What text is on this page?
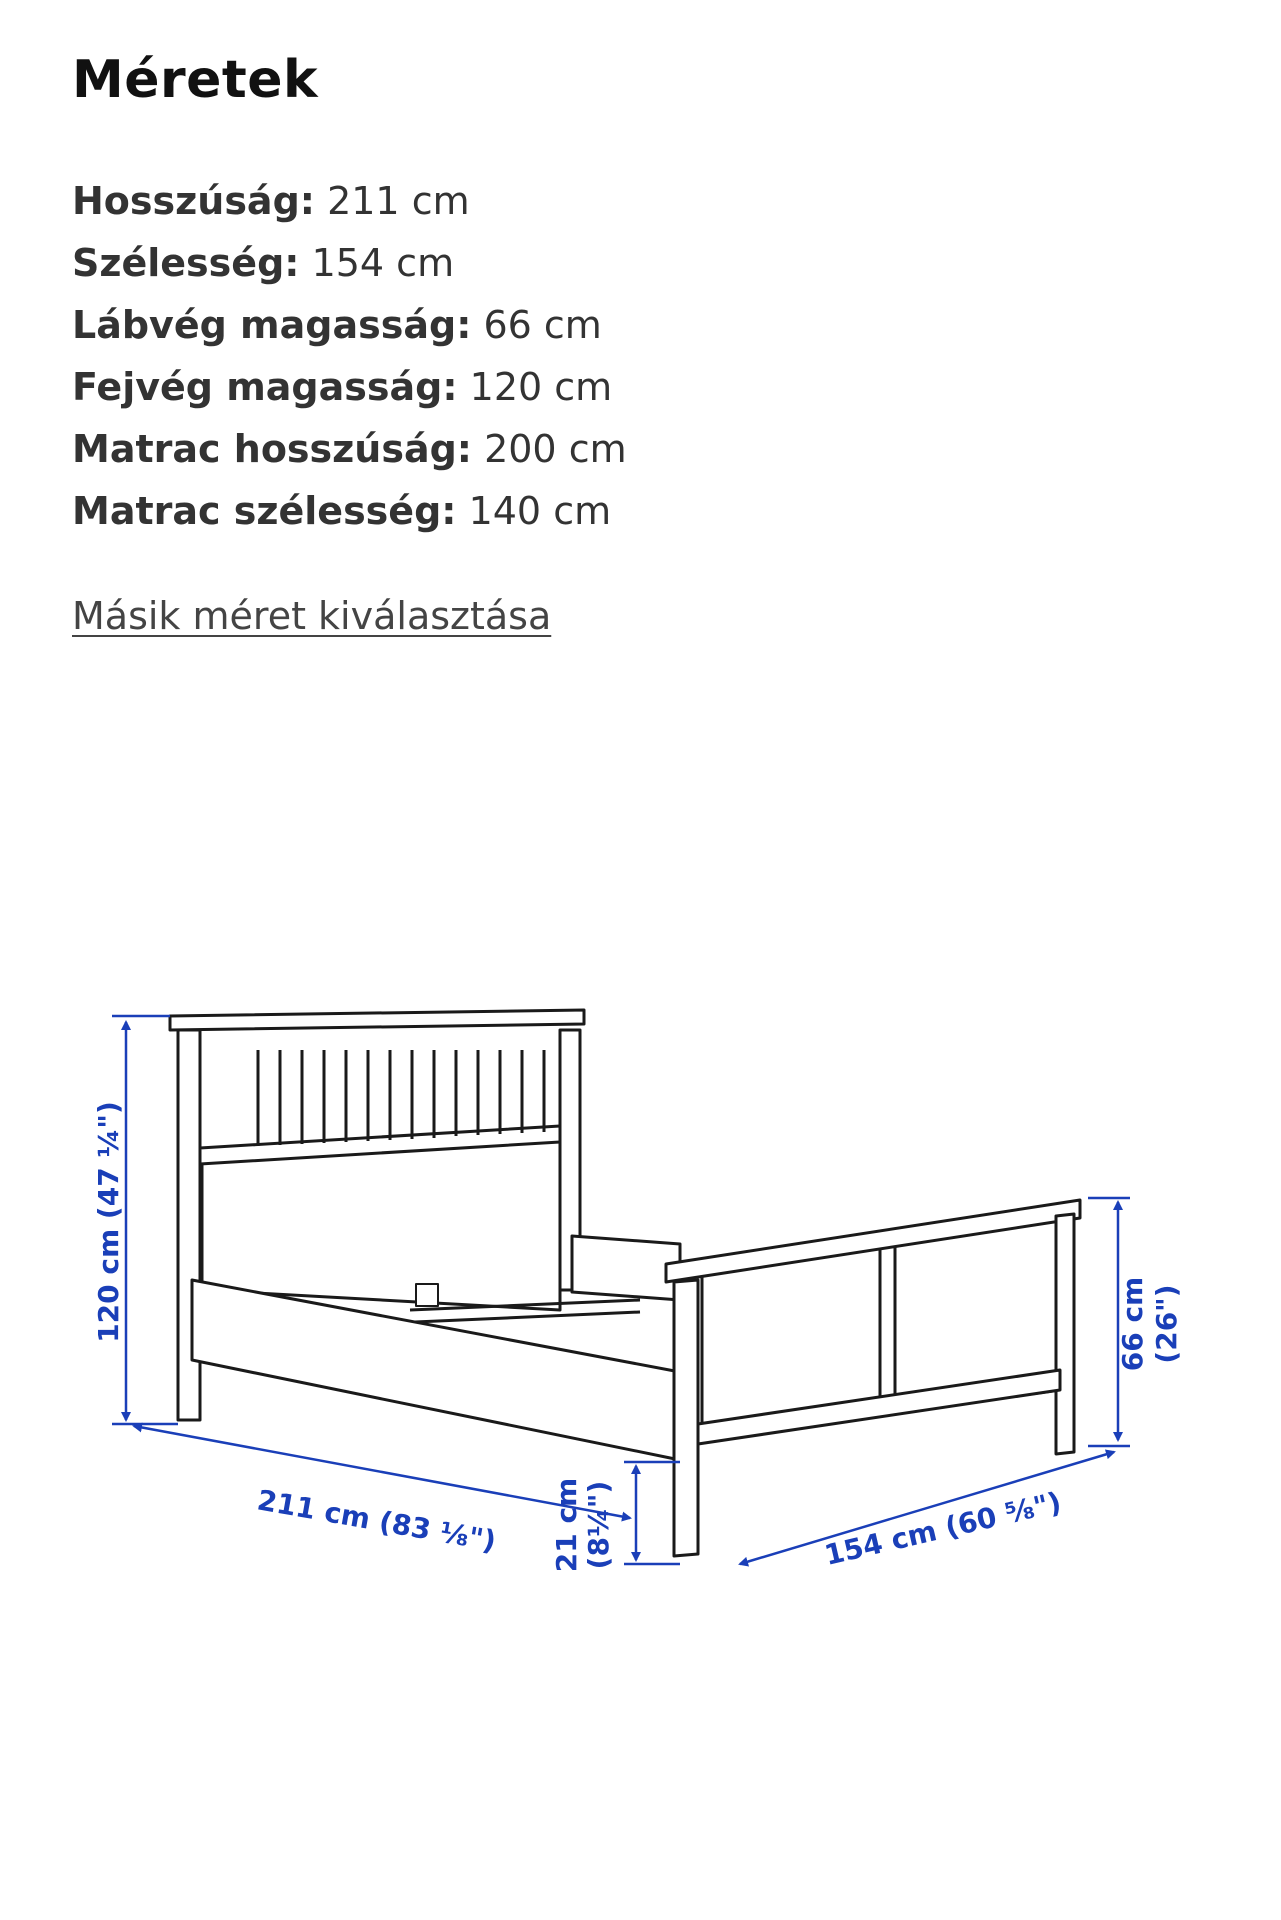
Méretek
Hosszúság: 211 cm
Szélesség: 154 cm
Lábvég magasság: 66 cm
Fejvég magasság: 120 cm
Matrac hosszúság: 200 cm
Matrac szélesség: 140 cm
Másik méret kiválasztása
120 cm (47 ¼")
211 cm (83 ⅛") 21 cm (8¼")
66 cm (26")
154 cm (60 ⅝")
